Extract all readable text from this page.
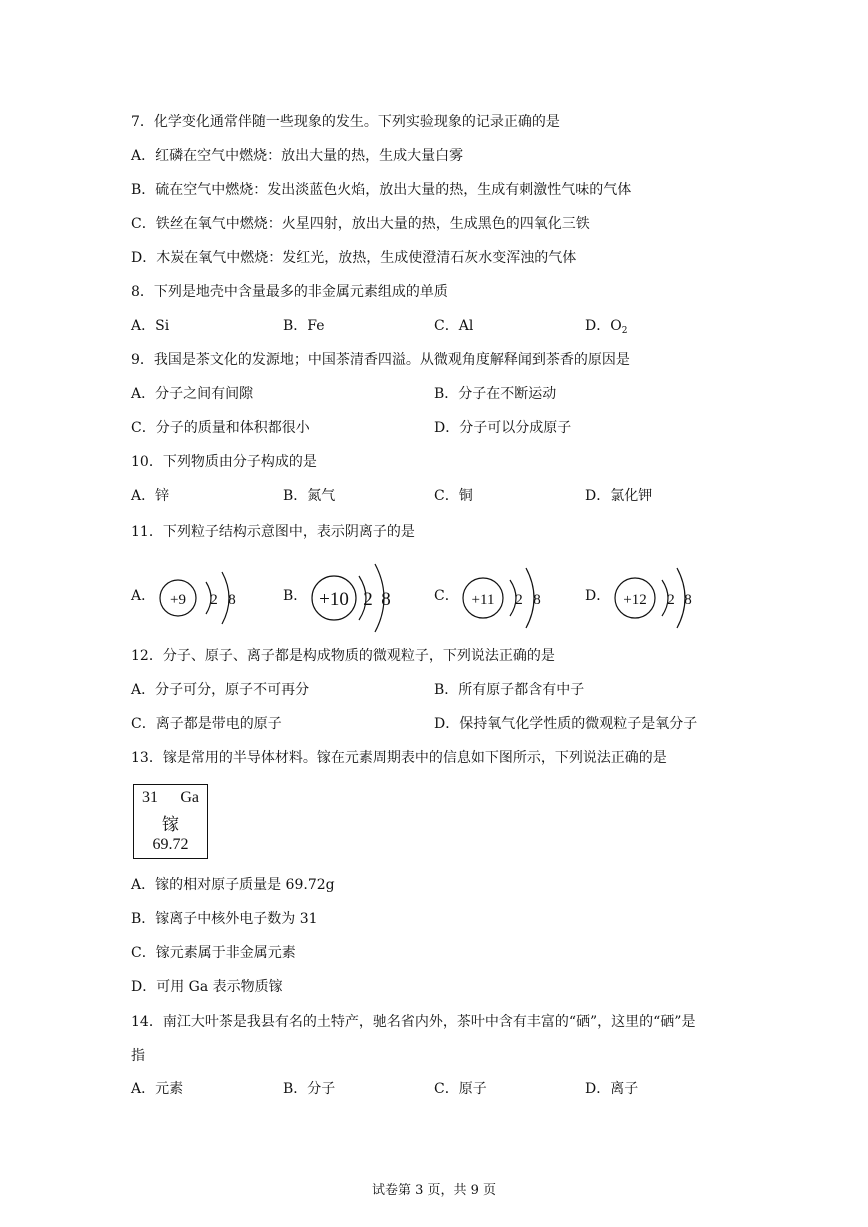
7．化学变化通常伴随一些现象的发生。下列实验现象的记录正确的是
A．红磷在空气中燃烧：放出大量的热，生成大量白雾
B．硫在空气中燃烧：发出淡蓝色火焰，放出大量的热，生成有刺激性气味的气体
C．铁丝在氧气中燃烧：火星四射，放出大量的热，生成黑色的四氧化三铁
D．木炭在氧气中燃烧：发红光，放热，生成使澄清石灰水变浑浊的气体
8．下列是地壳中含量最多的非金属元素组成的单质
A．Si	B．Fe	C．Al	D．$O_2$
9．我国是茶文化的发源地；中国茶清香四溢。从微观角度解释闻到茶香的原因是
A．分子之间有间隙	B．分子在不断运动
C．分子的质量和体积都很小	D．分子可以分成原子
10．下列物质由分子构成的是
A．锌	B．氮气	C．铜	D．氯化钾
11．下列粒子结构示意图中，表示阴离子的是
A． +9 2 8	B． +10 2 8	C． +11 2 8	D． +12 2 8
12．分子、原子、离子都是构成物质的微观粒子，下列说法正确的是
A．分子可分，原子不可再分	B．所有原子都含有中子
C．离子都是带电的原子	D．保持氧气化学性质的微观粒子是氧分子
13．镓是常用的半导体材料。镓在元素周期表中的信息如下图所示，下列说法正确的是
31 Ga
镓
69.72
A．镓的相对原子质量是 69.72g
B．镓离子中核外电子数为 31
C．镓元素属于非金属元素
D．可用 Ga 表示物质镓
14．南江大叶茶是我县有名的土特产，驰名省内外，茶叶中含有丰富的“硒”，这里的“硒”是
指
A．元素	B．分子	C．原子	D．离子
试卷第 3 页，共 9 页
